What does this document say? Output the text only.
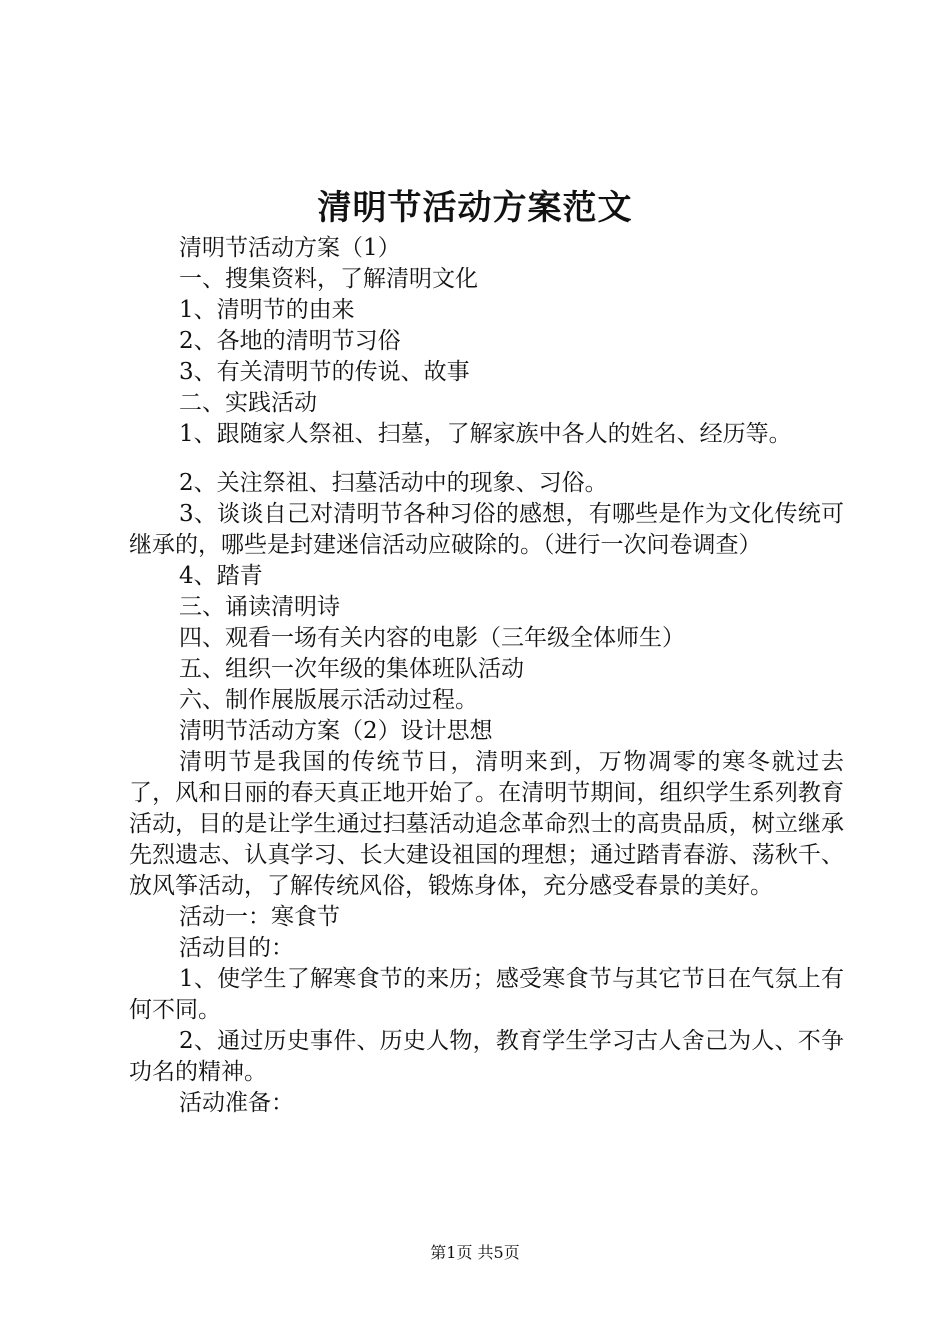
清明节活动方案范文

清明节活动方案（1）

一、搜集资料，了解清明文化

1、清明节的由来

2、各地的清明节习俗

3、有关清明节的传说、故事

二、实践活动

1、跟随家人祭祖、扫墓，了解家族中各人的姓名、经历等。

2、关注祭祖、扫墓活动中的现象、习俗。

3、谈谈自己对清明节各种习俗的感想，有哪些是作为文化传统可继承的，哪些是封建迷信活动应破除的。（进行一次问卷调查）

4、踏青

三、诵读清明诗

四、观看一场有关内容的电影（三年级全体师生）

五、组织一次年级的集体班队活动

六、制作展版展示活动过程。

清明节活动方案（2）设计思想

清明节是我国的传统节日，清明来到，万物凋零的寒冬就过去了，风和日丽的春天真正地开始了。在清明节期间，组织学生系列教育活动，目的是让学生通过扫墓活动追念革命烈士的高贵品质，树立继承先烈遗志、认真学习、长大建设祖国的理想；通过踏青春游、荡秋千、放风筝活动，了解传统风俗，锻炼身体，充分感受春景的美好。

活动一：寒食节

活动目的：

1、使学生了解寒食节的来历；感受寒食节与其它节日在气氛上有何不同。

2、通过历史事件、历史人物，教育学生学习古人舍己为人、不争功名的精神。

活动准备：

第1页 共5页
